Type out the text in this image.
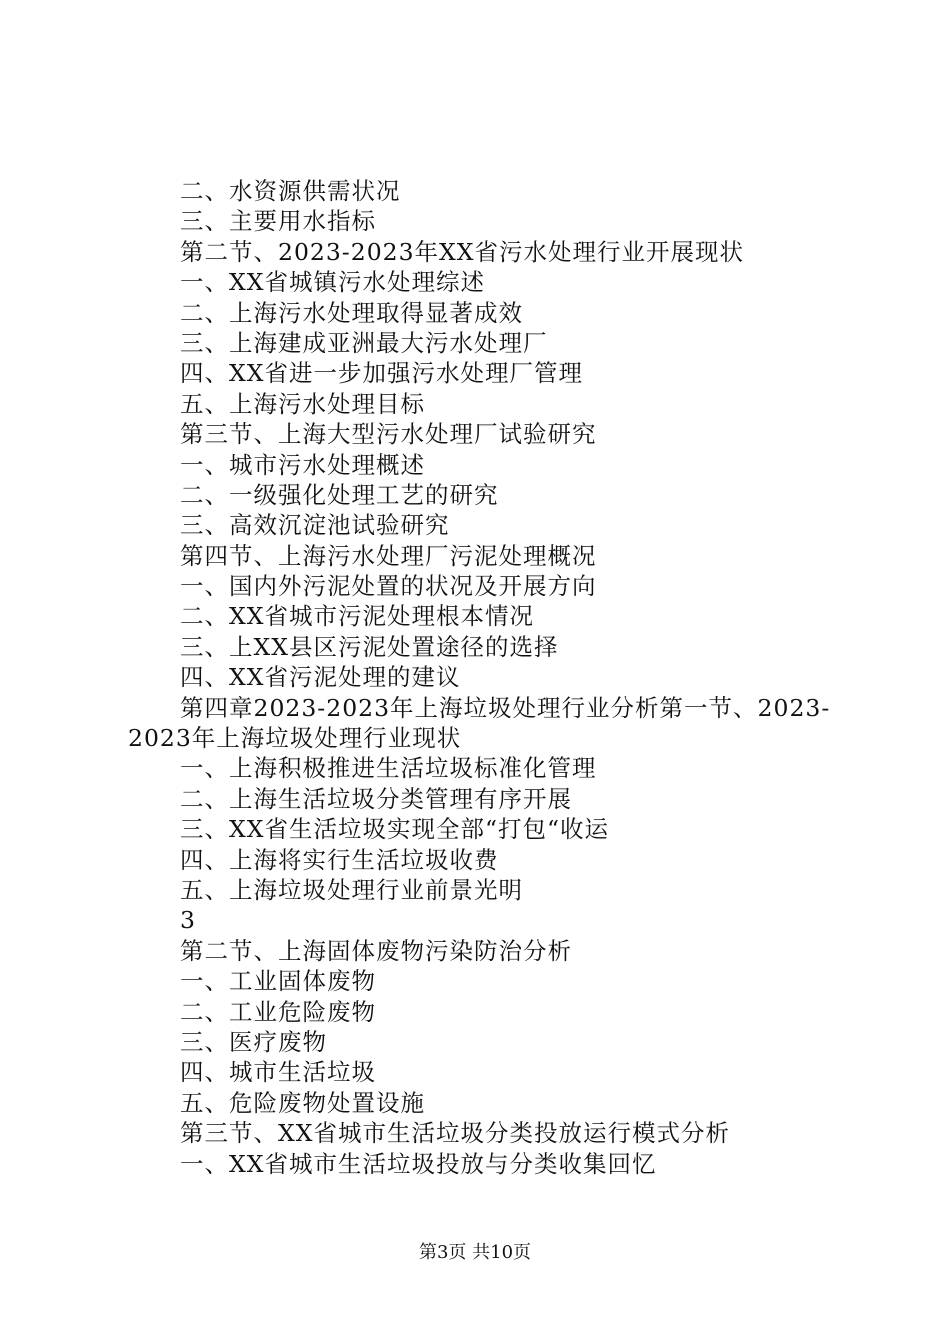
二、水资源供需状况
三、主要用水指标
第二节、2023-2023年XX省污水处理行业开展现状
一、XX省城镇污水处理综述
二、上海污水处理取得显著成效
三、上海建成亚洲最大污水处理厂
四、XX省进一步加强污水处理厂管理
五、上海污水处理目标
第三节、上海大型污水处理厂试验研究
一、城市污水处理概述
二、一级强化处理工艺的研究
三、高效沉淀池试验研究
第四节、上海污水处理厂污泥处理概况
一、国内外污泥处置的状况及开展方向
二、XX省城市污泥处理根本情况
三、上XX县区污泥处置途径的选择
四、XX省污泥处理的建议
第四章2023-2023年上海垃圾处理行业分析第一节、2023-
2023年上海垃圾处理行业现状
一、上海积极推进生活垃圾标准化管理
二、上海生活垃圾分类管理有序开展
三、XX省生活垃圾实现全部“打包“收运
四、上海将实行生活垃圾收费
五、上海垃圾处理行业前景光明
3
第二节、上海固体废物污染防治分析
一、工业固体废物
二、工业危险废物
三、医疗废物
四、城市生活垃圾
五、危险废物处置设施
第三节、XX省城市生活垃圾分类投放运行模式分析
一、XX省城市生活垃圾投放与分类收集回忆
第3页 共10页
